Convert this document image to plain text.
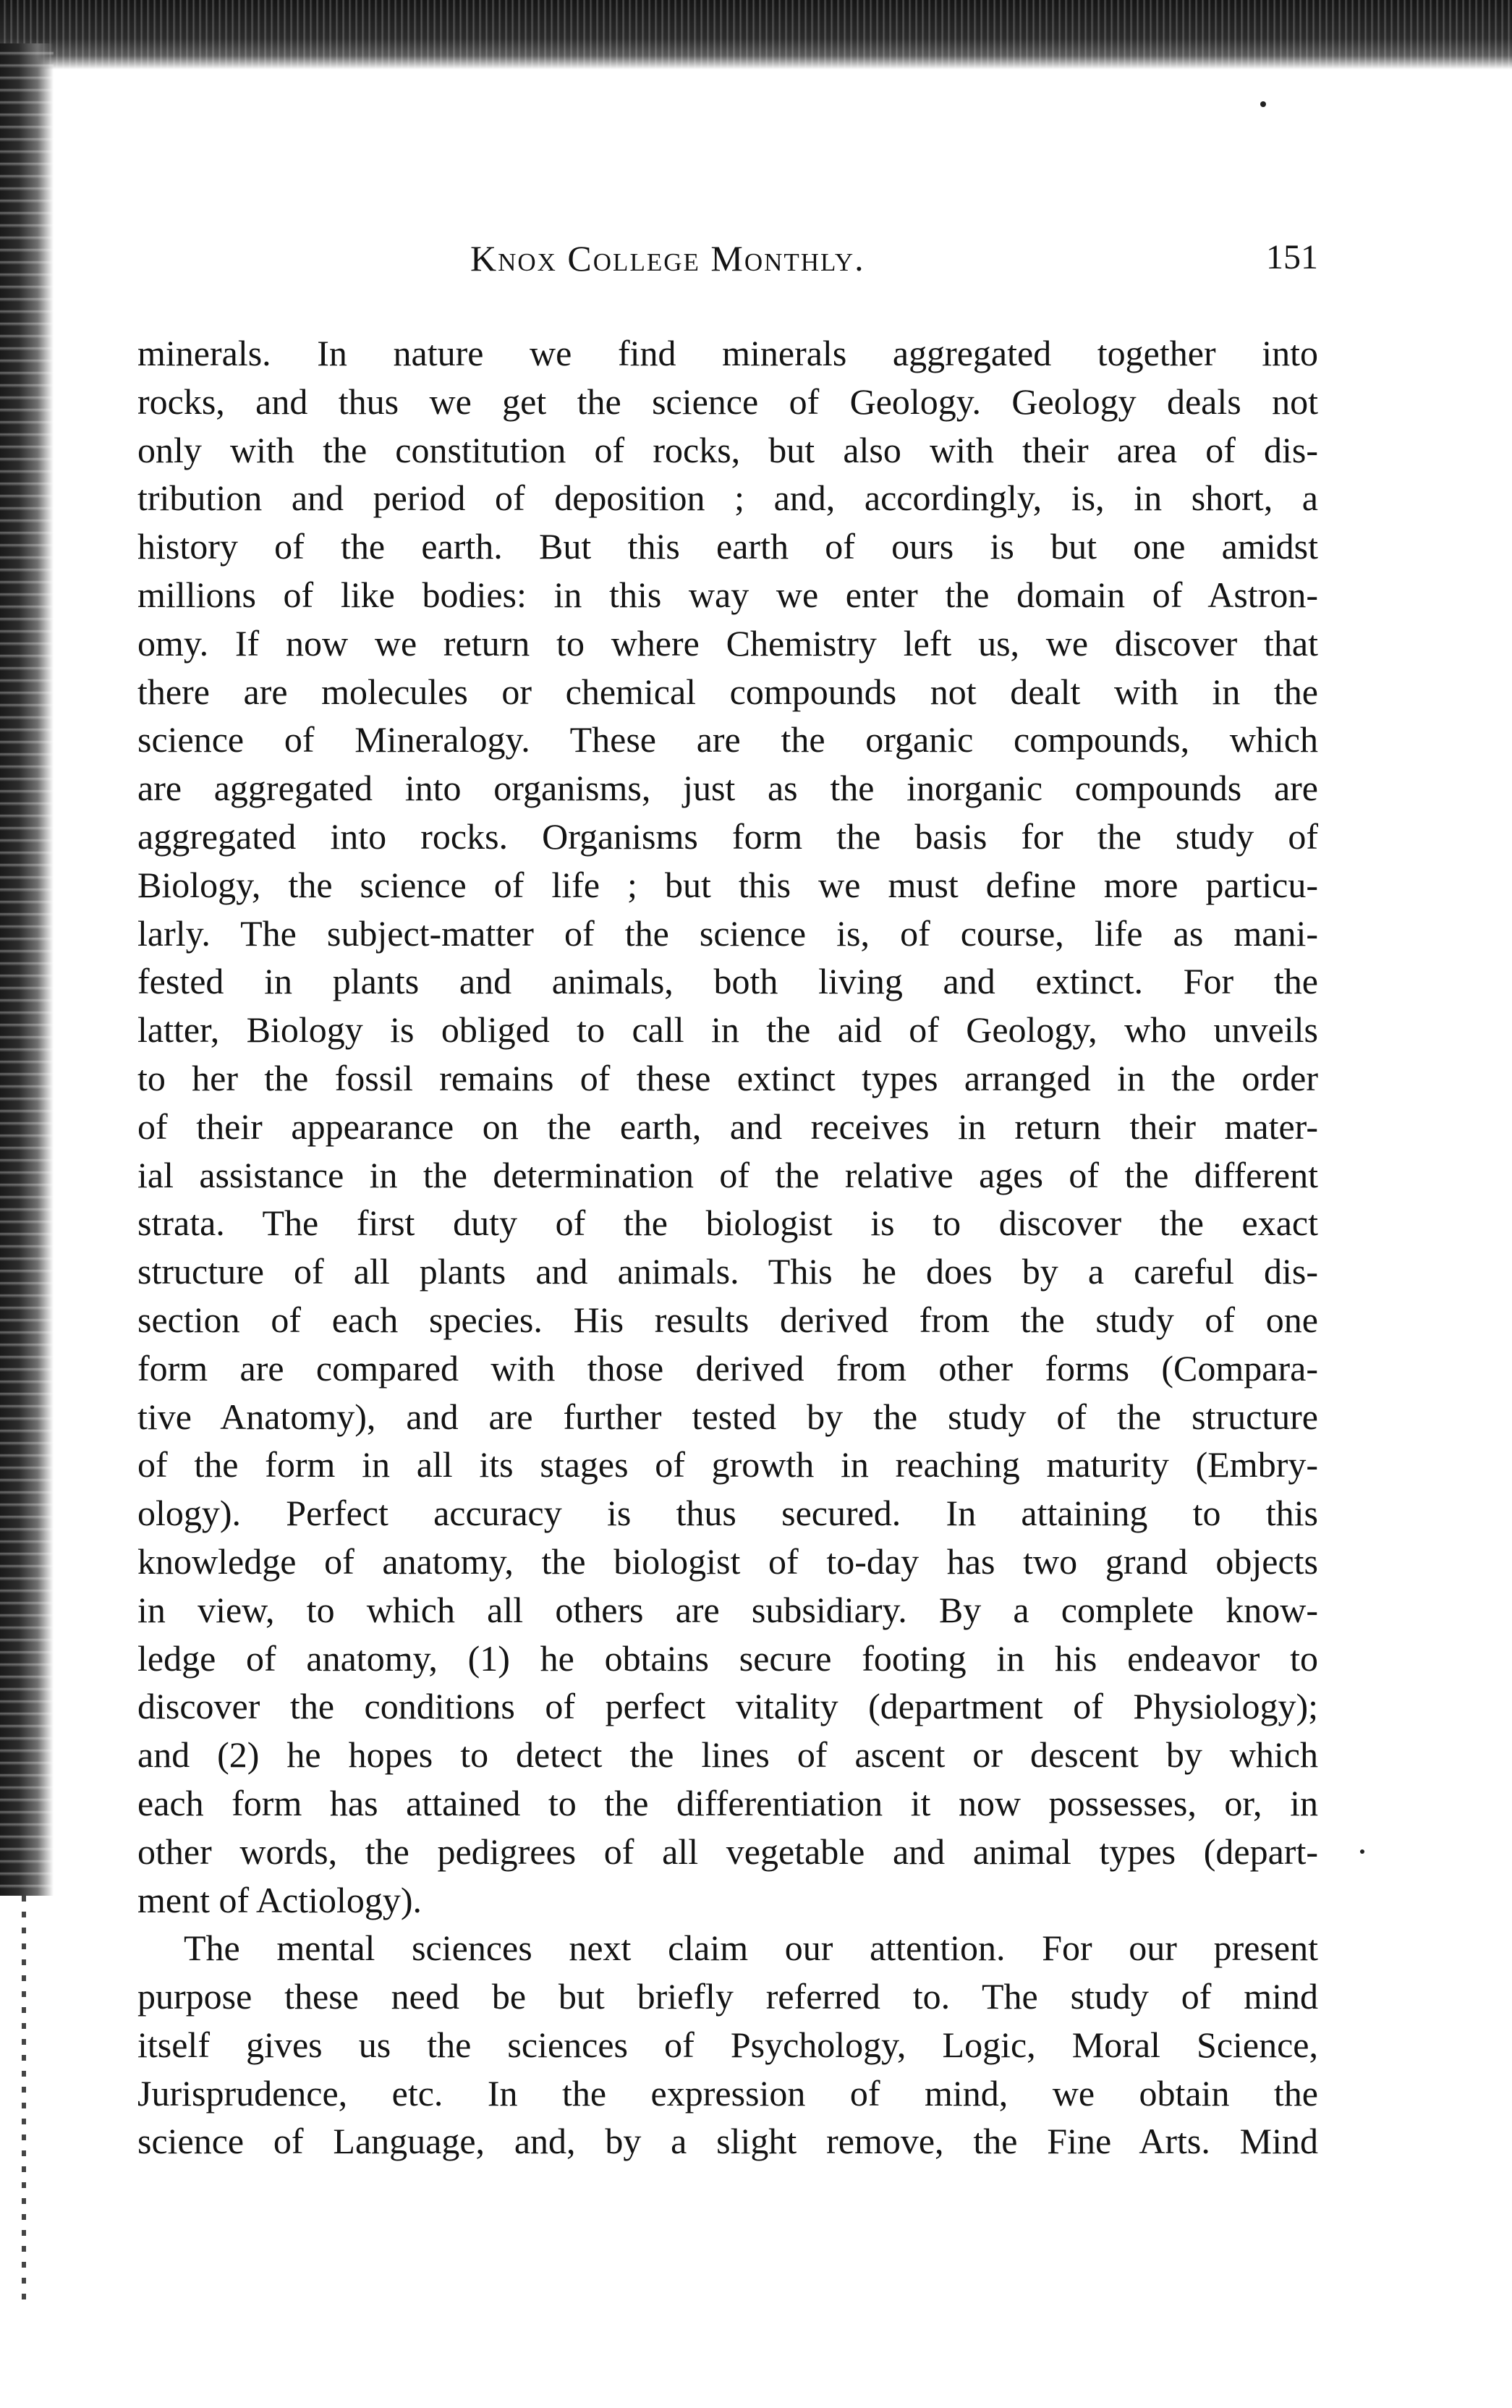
Knox College Monthly.	151
minerals. In nature we find minerals aggregated together into
rocks, and thus we get the science of Geology. Geology deals not
only with the constitution of rocks, but also with their area of dis-
tribution and period of deposition ; and, accordingly, is, in short, a
history of the earth. But this earth of ours is but one amidst
millions of like bodies: in this way we enter the domain of Astron-
omy. If now we return to where Chemistry left us, we discover that
there are molecules or chemical compounds not dealt with in the
science of Mineralogy. These are the organic compounds, which
are aggregated into organisms, just as the inorganic compounds are
aggregated into rocks. Organisms form the basis for the study of
Biology, the science of life ; but this we must define more particu-
larly. The subject-matter of the science is, of course, life as mani-
fested in plants and animals, both living and extinct. For the
latter, Biology is obliged to call in the aid of Geology, who unveils
to her the fossil remains of these extinct types arranged in the order
of their appearance on the earth, and receives in return their mater-
ial assistance in the determination of the relative ages of the different
strata. The first duty of the biologist is to discover the exact
structure of all plants and animals. This he does by a careful dis-
section of each species. His results derived from the study of one
form are compared with those derived from other forms (Compara-
tive Anatomy), and are further tested by the study of the structure
of the form in all its stages of growth in reaching maturity (Embry-
ology). Perfect accuracy is thus secured. In attaining to this
knowledge of anatomy, the biologist of to-day has two grand objects
in view, to which all others are subsidiary. By a complete know-
ledge of anatomy, (1) he obtains secure footing in his endeavor to
discover the conditions of perfect vitality (department of Physiology);
and (2) he hopes to detect the lines of ascent or descent by which
each form has attained to the differentiation it now possesses, or, in
other words, the pedigrees of all vegetable and animal types (depart-
ment of Actiology).
The mental sciences next claim our attention. For our present
purpose these need be but briefly referred to. The study of mind
itself gives us the sciences of Psychology, Logic, Moral Science,
Jurisprudence, etc. In the expression of mind, we obtain the
science of Language, and, by a slight remove, the Fine Arts. Mind
